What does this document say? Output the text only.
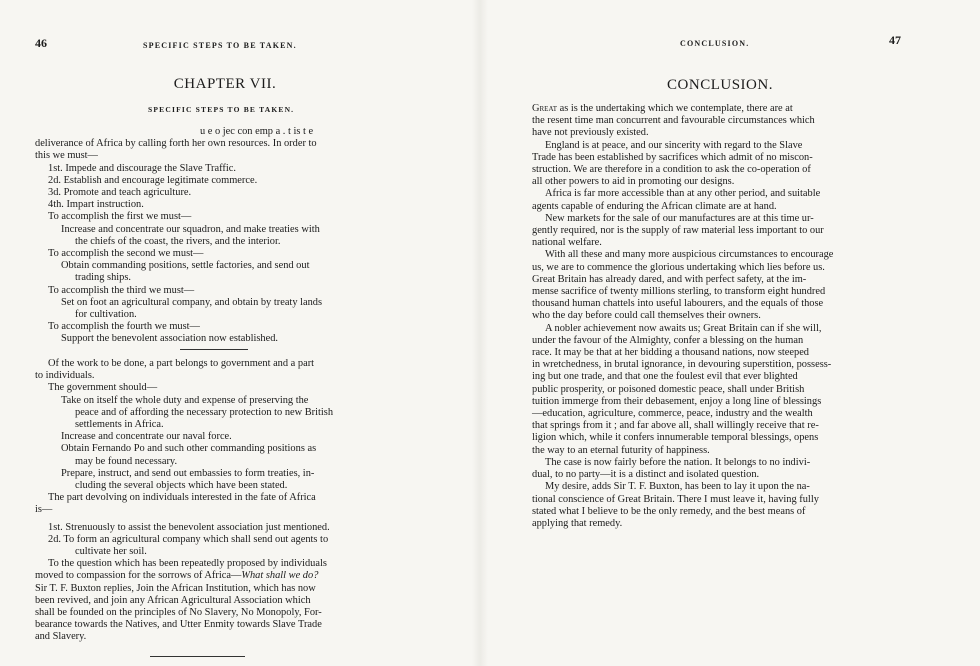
46	SPECIFIC STEPS TO BE TAKEN.
CHAPTER VII.
SPECIFIC STEPS TO BE TAKEN.

u e o jec con emp a . t is t e

deliverance of Africa by calling forth her own resources. In order to

this we must—

1st. Impede and discourage the Slave Traffic.

2d. Establish and encourage legitimate commerce.

3d. Promote and teach agriculture.

4th. Impart instruction.

To accomplish the first we must—

Increase and concentrate our squadron, and make treaties with

the chiefs of the coast, the rivers, and the interior.

To accomplish the second we must—

Obtain commanding positions, settle factories, and send out

trading ships.

To accomplish the third we must—

Set on foot an agricultural company, and obtain by treaty lands

for cultivation.

To accomplish the fourth we must—

Support the benevolent association now established.

Of the work to be done, a part belongs to government and a part

to individuals.

The government should—

Take on itself the whole duty and expense of preserving the

peace and of affording the necessary protection to new British

settlements in Africa.

Increase and concentrate our naval force.

Obtain Fernando Po and such other commanding positions as

may be found necessary.

Prepare, instruct, and send out embassies to form treaties, in-

cluding the several objects which have been stated.

The part devolving on individuals interested in the fate of Africa

is—

1st. Strenuously to assist the benevolent association just mentioned.

2d. To form an agricultural company which shall send out agents to

cultivate her soil.

To the question which has been repeatedly proposed by individuals

moved to compassion for the sorrows of Africa—What shall we do?

Sir T. F. Buxton replies, Join the African Institution, which has now

been revived, and join any African Agricultural Association which

shall be founded on the principles of No Slavery, No Monopoly, For-

bearance towards the Natives, and Utter Enmity towards Slave Trade

and Slavery.

CONCLUSION.	47
CONCLUSION.

Great as is the undertaking which we contemplate, there are at

the resent time man concurrent and favourable circumstances which

have not previously existed.

England is at peace, and our sincerity with regard to the Slave

Trade has been established by sacrifices which admit of no miscon-

struction. We are therefore in a condition to ask the co-operation of

all other powers to aid in promoting our designs.

Africa is far more accessible than at any other period, and suitable

agents capable of enduring the African climate are at hand.

New markets for the sale of our manufactures are at this time ur-

gently required, nor is the supply of raw material less important to our

national welfare.

With all these and many more auspicious circumstances to encourage

us, we are to commence the glorious undertaking which lies before us.

Great Britain has already dared, and with perfect safety, at the im-

mense sacrifice of twenty millions sterling, to transform eight hundred

thousand human chattels into useful labourers, and the equals of those

who the day before could call themselves their owners.

A nobler achievement now awaits us; Great Britain can if she will,

under the favour of the Almighty, confer a blessing on the human

race. It may be that at her bidding a thousand nations, now steeped

in wretchedness, in brutal ignorance, in devouring superstition, possess-

ing but one trade, and that one the foulest evil that ever blighted

public prosperity, or poisoned domestic peace, shall under British

tuition immerge from their debasement, enjoy a long line of blessings

—education, agriculture, commerce, peace, industry and the wealth

that springs from it ; and far above all, shall willingly receive that re-

ligion which, while it confers innumerable temporal blessings, opens

the way to an eternal futurity of happiness.

The case is now fairly before the nation. It belongs to no indivi-

dual, to no party—it is a distinct and isolated question.

My desire, adds Sir T. F. Buxton, has been to lay it upon the na-

tional conscience of Great Britain. There I must leave it, having fully

stated what I believe to be the only remedy, and the best means of

applying that remedy.
